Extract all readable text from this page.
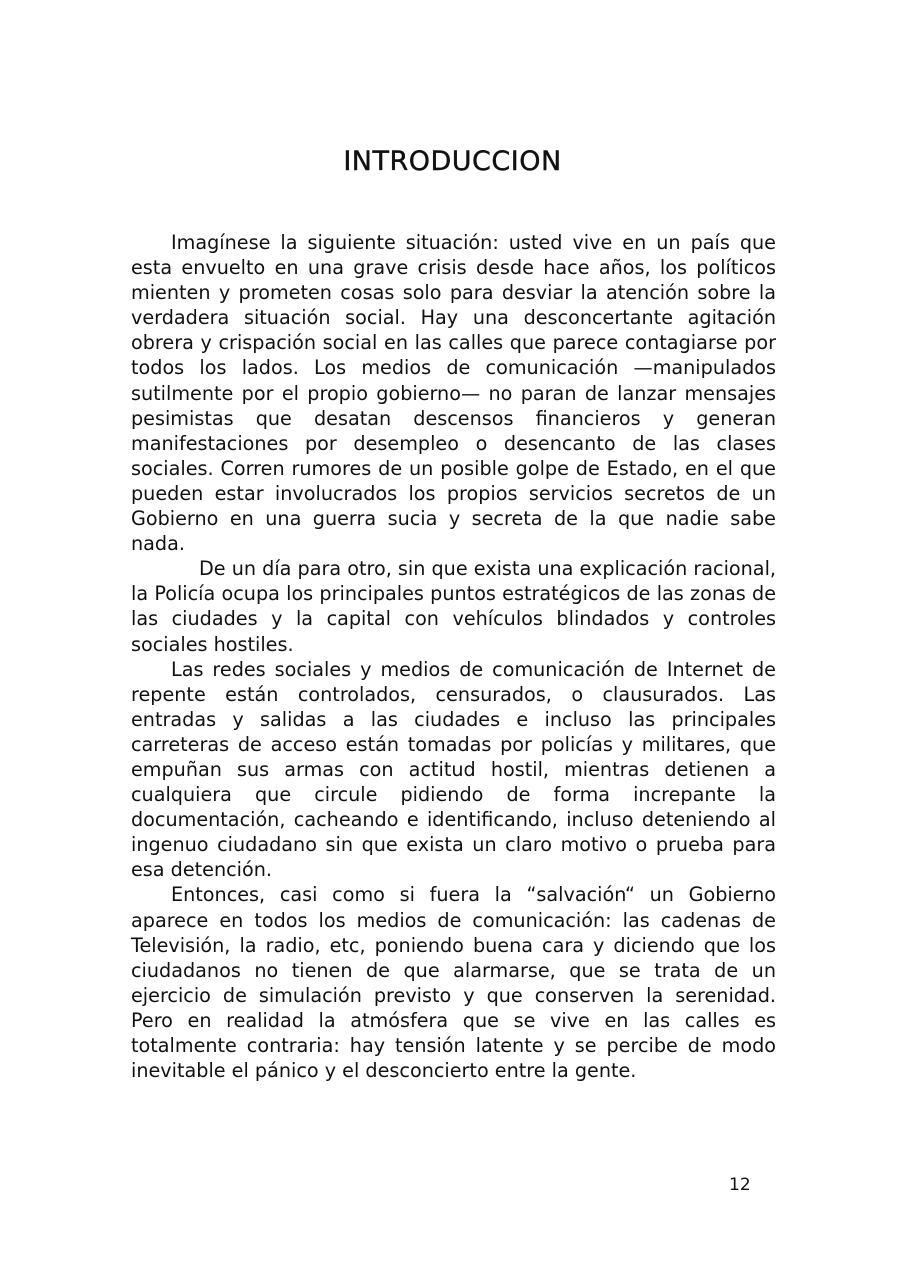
INTRODUCCION

Imagínese la siguiente situación: usted vive en un país que esta envuelto en una grave crisis desde hace años, los políticos mienten y prometen cosas solo para desviar la atención sobre la verdadera situación social. Hay una desconcertante agitación obrera y crispación social en las calles que parece contagiarse por todos los lados. Los medios de comunicación —manipulados sutilmente por el propio gobierno— no paran de lanzar mensajes pesimistas que desatan descensos financieros y generan manifestaciones por desempleo o desencanto de las clases sociales. Corren rumores de un posible golpe de Estado, en el que pueden estar involucrados los propios servicios secretos de un Gobierno en una guerra sucia y secreta de la que nadie sabe nada.

De un día para otro, sin que exista una explicación racional, la Policía ocupa los principales puntos estratégicos de las zonas de las ciudades y la capital con vehículos blindados y controles sociales hostiles.

Las redes sociales y medios de comunicación de Internet de repente están controlados, censurados, o clausurados. Las entradas y salidas a las ciudades e incluso las principales carreteras de acceso están tomadas por policías y militares, que empuñan sus armas con actitud hostil, mientras detienen a cualquiera que circule pidiendo de forma increpante la documentación, cacheando e identificando, incluso deteniendo al ingenuo ciudadano sin que exista un claro motivo o prueba para esa detención.

Entonces, casi como si fuera la “salvación“ un Gobierno aparece en todos los medios de comunicación: las cadenas de Televisión, la radio, etc, poniendo buena cara y diciendo que los ciudadanos no tienen de que alarmarse, que se trata de un ejercicio de simulación previsto y que conserven la serenidad. Pero en realidad la atmósfera que se vive en las calles es totalmente contraria: hay tensión latente y se percibe de modo inevitable el pánico y el desconcierto entre la gente.

12
